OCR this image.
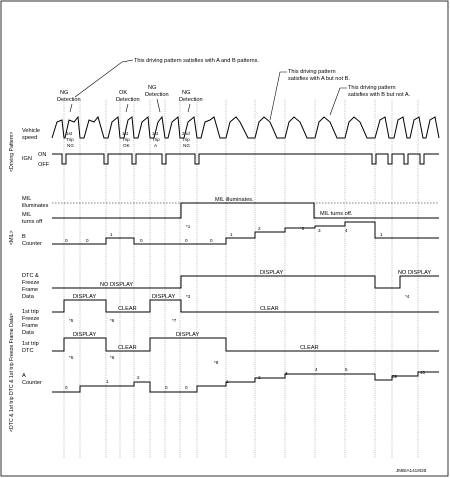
This driving pattern satisfies with A and B patterns.
This driving pattern
satisfies with A but not B.
This driving pattern
satisfies with B but not A.
NG
Detection
OK
Detection
NG
Detection NG
Detection
<Driving Pattern>
<MIL>
<DTC & 1st trip DTC & 1st trip Freeze Frame Data>
Vehicle
speed
IGN
ON
OFF
MIL
illuminates
MIL
turns off
B
Counter
DTC &
Freeze
Frame
Data
1st trip
Freeze
Frame
Data
1st trip
DTC
A
Counter
1st
Trip
NG
1st
Trip
OK
1st
Trip
A
2nd
Trip
NG
MIL illuminates.
MIL turns off.
*1	*2
0	0
1
0	0	0
1
2	3	4
1
NO DISPLAY
DISPLAY	NO DISPLAY
*3	*4
DISPLAY
CLEAR
DISPLAY
CLEAR
*5	*6	*7
DISPLAY
CLEAR
DISPLAY
CLEAR
*5	*6
*8
0
1
2
0	0
1
2
3
4	5
39
40
JMBIA1418GB
